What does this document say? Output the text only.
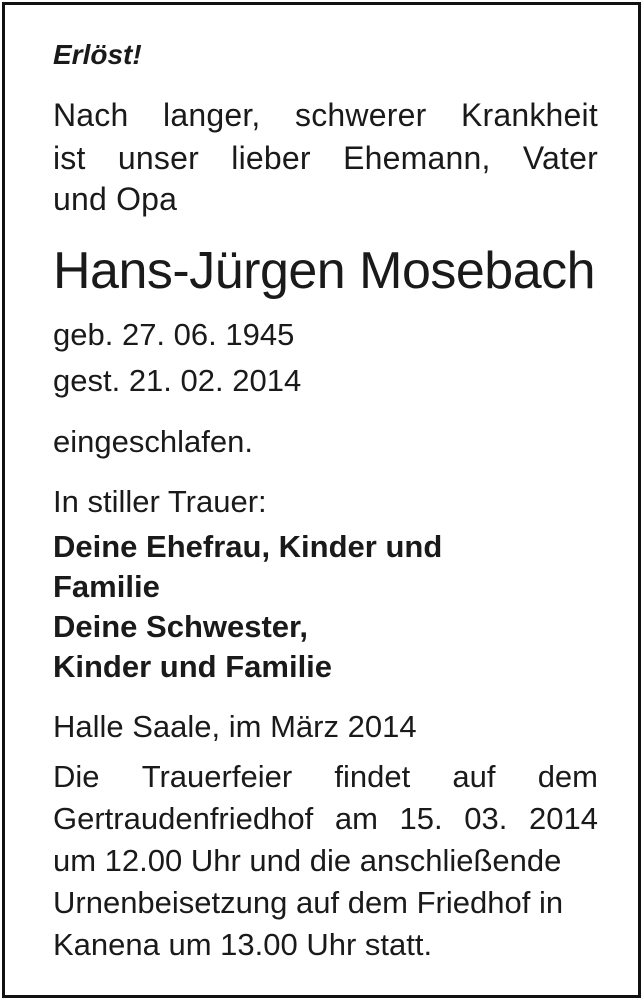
Erlöst!
Nach langer, schwerer Krankheit
ist unser lieber Ehemann, Vater
und Opa
Hans-Jürgen Mosebach
geb. 27. 06. 1945
gest. 21. 02. 2014
eingeschlafen.
In stiller Trauer:
Deine Ehefrau, Kinder und
Familie
Deine Schwester,
Kinder und Familie
Halle Saale, im März 2014
Die Trauerfeier findet auf dem
Gertraudenfriedhof am 15. 03. 2014
um 12.00 Uhr und die anschließende
Urnenbeisetzung auf dem Friedhof in
Kanena um 13.00 Uhr statt.
